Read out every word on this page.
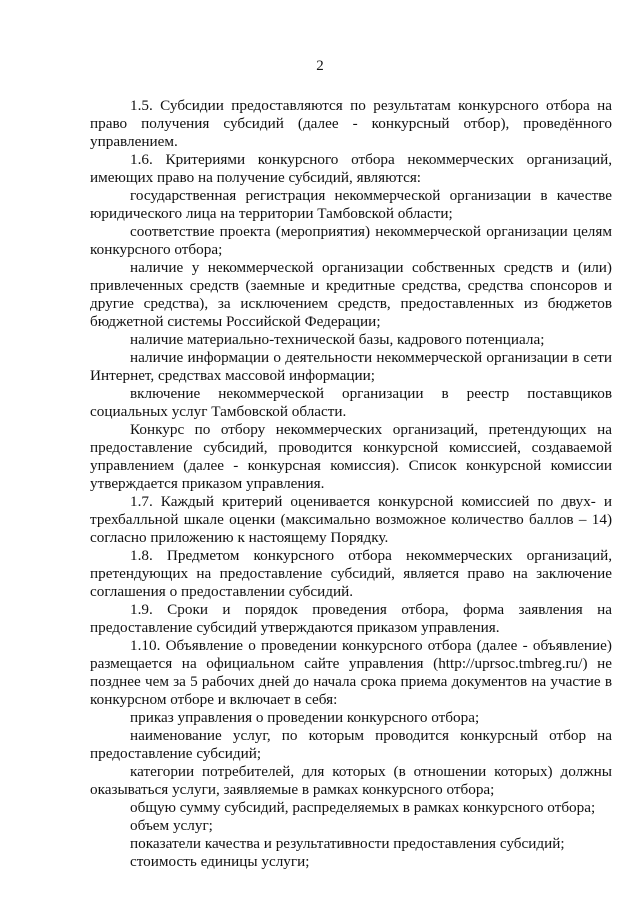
2

1.5. Субсидии предоставляются по результатам конкурсного отбора на право получения субсидий (далее - конкурсный отбор), проведённого управлением.

1.6. Критериями конкурсного отбора некоммерческих организаций, имеющих право на получение субсидий, являются:

государственная регистрация некоммерческой организации в качестве юридического лица на территории Тамбовской области;

соответствие проекта (мероприятия) некоммерческой организации целям конкурсного отбора;

наличие у некоммерческой организации собственных средств и (или) привлеченных средств (заемные и кредитные средства, средства спонсоров и другие средства), за исключением средств, предоставленных из бюджетов бюджетной системы Российской Федерации;

наличие материально-технической базы, кадрового потенциала;

наличие информации о деятельности некоммерческой организации в сети Интернет, средствах массовой информации;

включение некоммерческой организации в реестр поставщиков социальных услуг Тамбовской области.

Конкурс по отбору некоммерческих организаций, претендующих на предоставление субсидий, проводится конкурсной комиссией, создаваемой управлением (далее - конкурсная комиссия). Список конкурсной комиссии утверждается приказом управления.

1.7. Каждый критерий оценивается конкурсной комиссией по двух- и трехбалльной шкале оценки (максимально возможное количество баллов – 14) согласно приложению к настоящему Порядку.

1.8. Предметом конкурсного отбора некоммерческих организаций, претендующих на предоставление субсидий, является право на заключение соглашения о предоставлении субсидий.

1.9. Сроки и порядок проведения отбора, форма заявления на предоставление субсидий утверждаются приказом управления.

1.10. Объявление о проведении конкурсного отбора (далее - объявление) размещается на официальном сайте управления (http://uprsoc.tmbreg.ru/) не позднее чем за 5 рабочих дней до начала срока приема документов на участие в конкурсном отборе и включает в себя:

приказ управления о проведении конкурсного отбора;

наименование услуг, по которым проводится конкурсный отбор на предоставление субсидий;

категории потребителей, для которых (в отношении которых) должны оказываться услуги, заявляемые в рамках конкурсного отбора;

общую сумму субсидий, распределяемых в рамках конкурсного отбора;

объем услуг;

показатели качества и результативности предоставления субсидий;

стоимость единицы услуги;
